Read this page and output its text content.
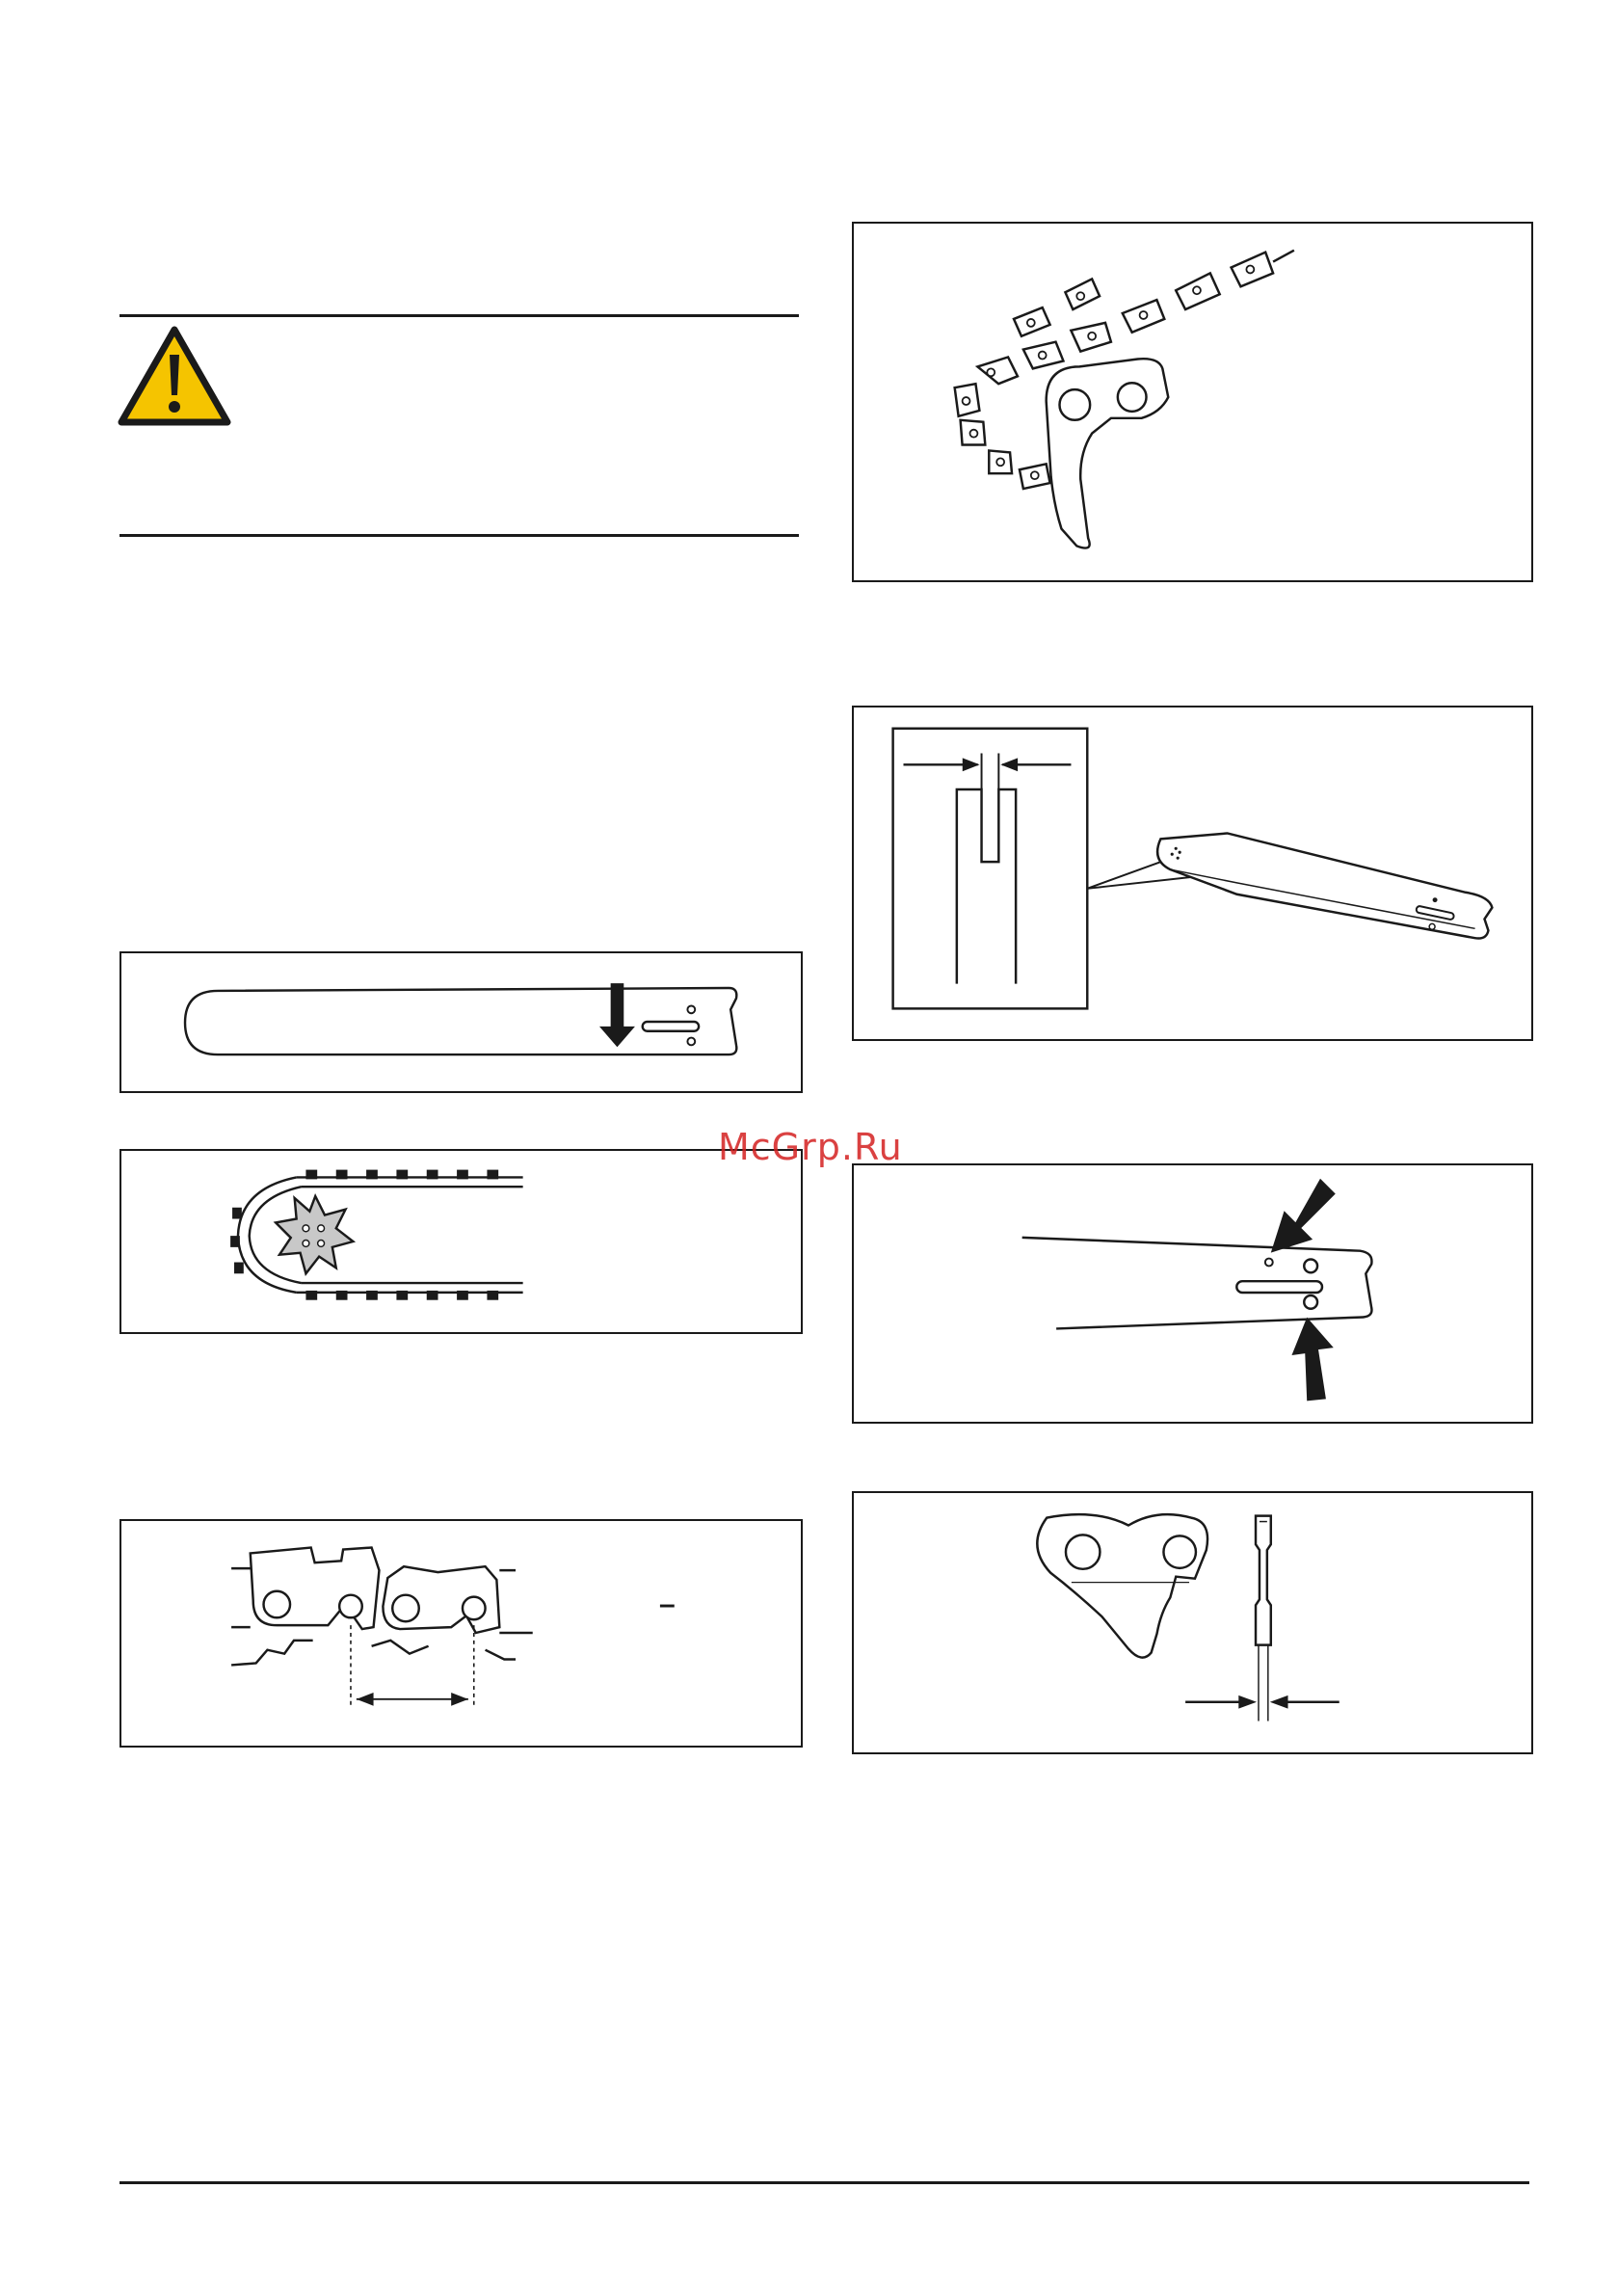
–
McGrp.Ru
